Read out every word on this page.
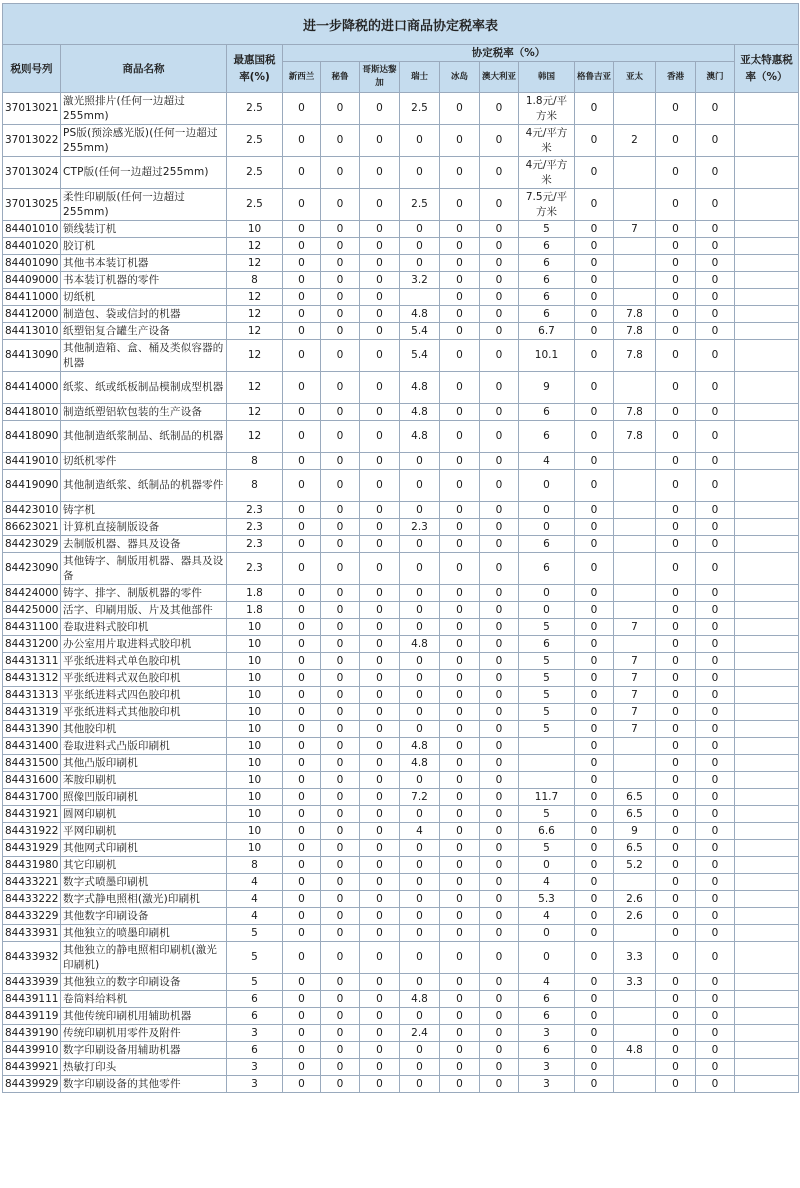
进一步降税的进口商品协定税率表														
税则号列	商品名称	最惠国税率(%)	协定税率（%）											亚太特惠税率（%）
			新西兰	秘鲁	哥斯达黎加	瑞士	冰岛	澳大利亚	韩国	格鲁吉亚	亚太	香港	澳门	
37013021	激光照排片(任何一边超过255mm)	2.5	0	0	0	2.5	0	0	1.8元/平方米	0		0	0	
37013022	PS版(预涂感光版)(任何一边超过255mm)	2.5	0	0	0	0	0	0	4元/平方米	0	2	0	0	
37013024	CTP版(任何一边超过255mm)	2.5	0	0	0	0	0	0	4元/平方米	0		0	0	
37013025	柔性印刷版(任何一边超过255mm)	2.5	0	0	0	2.5	0	0	7.5元/平方米	0		0	0	
84401010	锁线装订机	10	0	0	0	0	0	0	5	0	7	0	0	
84401020	胶订机	12	0	0	0	0	0	0	6	0		0	0	
84401090	其他书本装订机器	12	0	0	0	0	0	0	6	0		0	0	
84409000	书本装订机器的零件	8	0	0	0	3.2	0	0	6	0		0	0	
84411000	切纸机	12	0	0	0		0	0	6	0		0	0	
84412000	制造包、袋或信封的机器	12	0	0	0	4.8	0	0	6	0	7.8	0	0	
84413010	纸塑铝复合罐生产设备	12	0	0	0	5.4	0	0	6.7	0	7.8	0	0	
84413090	其他制造箱、盒、桶及类似容器的机器	12	0	0	0	5.4	0	0	10.1	0	7.8	0	0	
84414000	纸浆、纸或纸板制品模制成型机器	12	0	0	0	4.8	0	0	9	0		0	0	
84418010	制造纸塑铝软包装的生产设备	12	0	0	0	4.8	0	0	6	0	7.8	0	0	
84418090	其他制造纸浆制品、纸制品的机器	12	0	0	0	4.8	0	0	6	0	7.8	0	0	
84419010	切纸机零件	8	0	0	0	0	0	0	4	0		0	0	
84419090	其他制造纸浆、纸制品的机器零件	8	0	0	0	0	0	0	0	0		0	0	
84423010	铸字机	2.3	0	0	0	0	0	0	0	0		0	0	
86623021	计算机直接制版设备	2.3	0	0	0	2.3	0	0	0	0		0	0	
84423029	去制版机器、器具及设备	2.3	0	0	0	0	0	0	6	0		0	0	
84423090	其他铸字、制版用机器、器具及设备	2.3	0	0	0	0	0	0	6	0		0	0	
84424000	铸字、排字、制版机器的零件	1.8	0	0	0	0	0	0	0	0		0	0	
84425000	活字、印刷用版、片及其他部件	1.8	0	0	0	0	0	0	0	0		0	0	
84431100	卷取进料式胶印机	10	0	0	0	0	0	0	5	0	7	0	0	
84431200	办公室用片取进料式胶印机	10	0	0	0	4.8	0	0	6	0		0	0	
84431311	平张纸进料式单色胶印机	10	0	0	0	0	0	0	5	0	7	0	0	
84431312	平张纸进料式双色胶印机	10	0	0	0	0	0	0	5	0	7	0	0	
84431313	平张纸进料式四色胶印机	10	0	0	0	0	0	0	5	0	7	0	0	
84431319	平张纸进料式其他胶印机	10	0	0	0	0	0	0	5	0	7	0	0	
84431390	其他胶印机	10	0	0	0	0	0	0	5	0	7	0	0	
84431400	卷取进料式凸版印刷机	10	0	0	0	4.8	0	0		0		0	0	
84431500	其他凸版印刷机	10	0	0	0	4.8	0	0		0		0	0	
84431600	苯胺印刷机	10	0	0	0	0	0	0		0		0	0	
84431700	照像凹版印刷机	10	0	0	0	7.2	0	0	11.7	0	6.5	0	0	
84431921	圆网印刷机	10	0	0	0	0	0	0	5	0	6.5	0	0	
84431922	平网印刷机	10	0	0	0	4	0	0	6.6	0	9	0	0	
84431929	其他网式印刷机	10	0	0	0	0	0	0	5	0	6.5	0	0	
84431980	其它印刷机	8	0	0	0	0	0	0	0	0	5.2	0	0	
84433221	数字式喷墨印刷机	4	0	0	0	0	0	0	4	0		0	0	
84433222	数字式静电照相(激光)印刷机	4	0	0	0	0	0	0	5.3	0	2.6	0	0	
84433229	其他数字印刷设备	4	0	0	0	0	0	0	4	0	2.6	0	0	
84433931	其他独立的喷墨印刷机	5	0	0	0	0	0	0	0	0		0	0	
84433932	其他独立的静电照相印刷机(激光印刷机)	5	0	0	0	0	0	0	0	0	3.3	0	0	
84433939	其他独立的数字印刷设备	5	0	0	0	0	0	0	4	0	3.3	0	0	
84439111	卷筒料给料机	6	0	0	0	4.8	0	0	6	0		0	0	
84439119	其他传统印刷机用辅助机器	6	0	0	0	0	0	0	6	0		0	0	
84439190	传统印刷机用零件及附件	3	0	0	0	2.4	0	0	3	0		0	0	
84439910	数字印刷设备用辅助机器	6	0	0	0	0	0	0	6	0	4.8	0	0	
84439921	热敏打印头	3	0	0	0	0	0	0	3	0		0	0	
84439929	数字印刷设备的其他零件	3	0	0	0	0	0	0	3	0		0	0	
